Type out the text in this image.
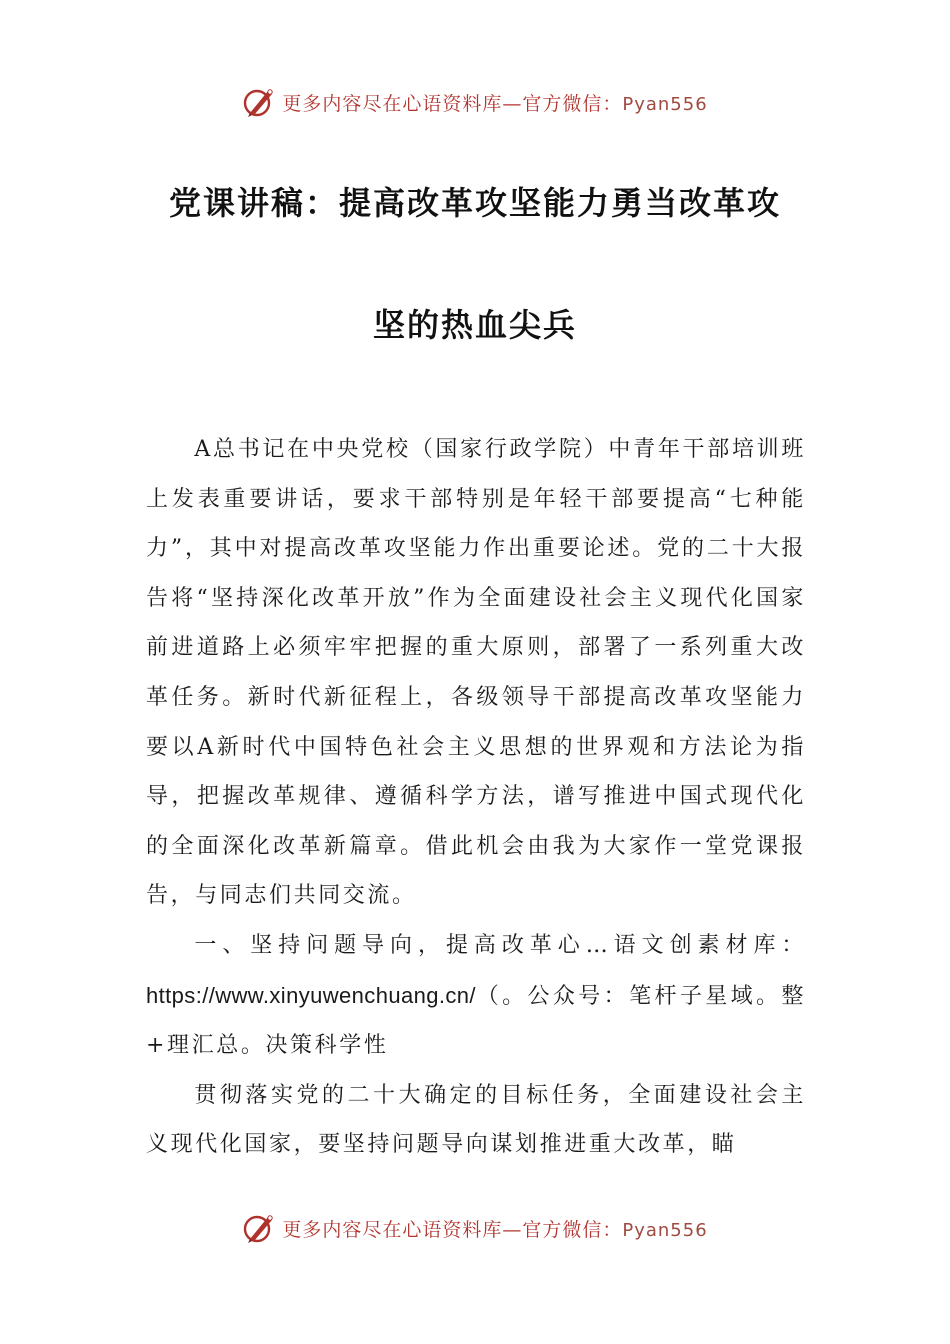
更多内容尽在心语资料库—官方微信：Pyan556
党课讲稿：提高改革攻坚能力勇当改革攻
坚的热血尖兵

A总书记在中央党校（国家行政学院）中青年干部培训班上发表重要讲话，要求干部特别是年轻干部要提高“七种能力”，其中对提高改革攻坚能力作出重要论述。党的二十大报告将“坚持深化改革开放”作为全面建设社会主义现代化国家前进道路上必须牢牢把握的重大原则，部署了一系列重大改革任务。新时代新征程上，各级领导干部提高改革攻坚能力要以A新时代中国特色社会主义思想的世界观和方法论为指导，把握改革规律、遵循科学方法，谱写推进中国式现代化的全面深化改革新篇章。借此机会由我为大家作一堂党课报告，与同志们共同交流。

一、坚持问题导向，提高改革心…语文创素材库：https://www.xinyuwenchuang.cn/（。公众号：笔杆子星域。整+理汇总。决策科学性

贯彻落实党的二十大确定的目标任务，全面建设社会主义现代化国家，要坚持问题导向谋划推进重大改革，瞄

更多内容尽在心语资料库—官方微信：Pyan556
